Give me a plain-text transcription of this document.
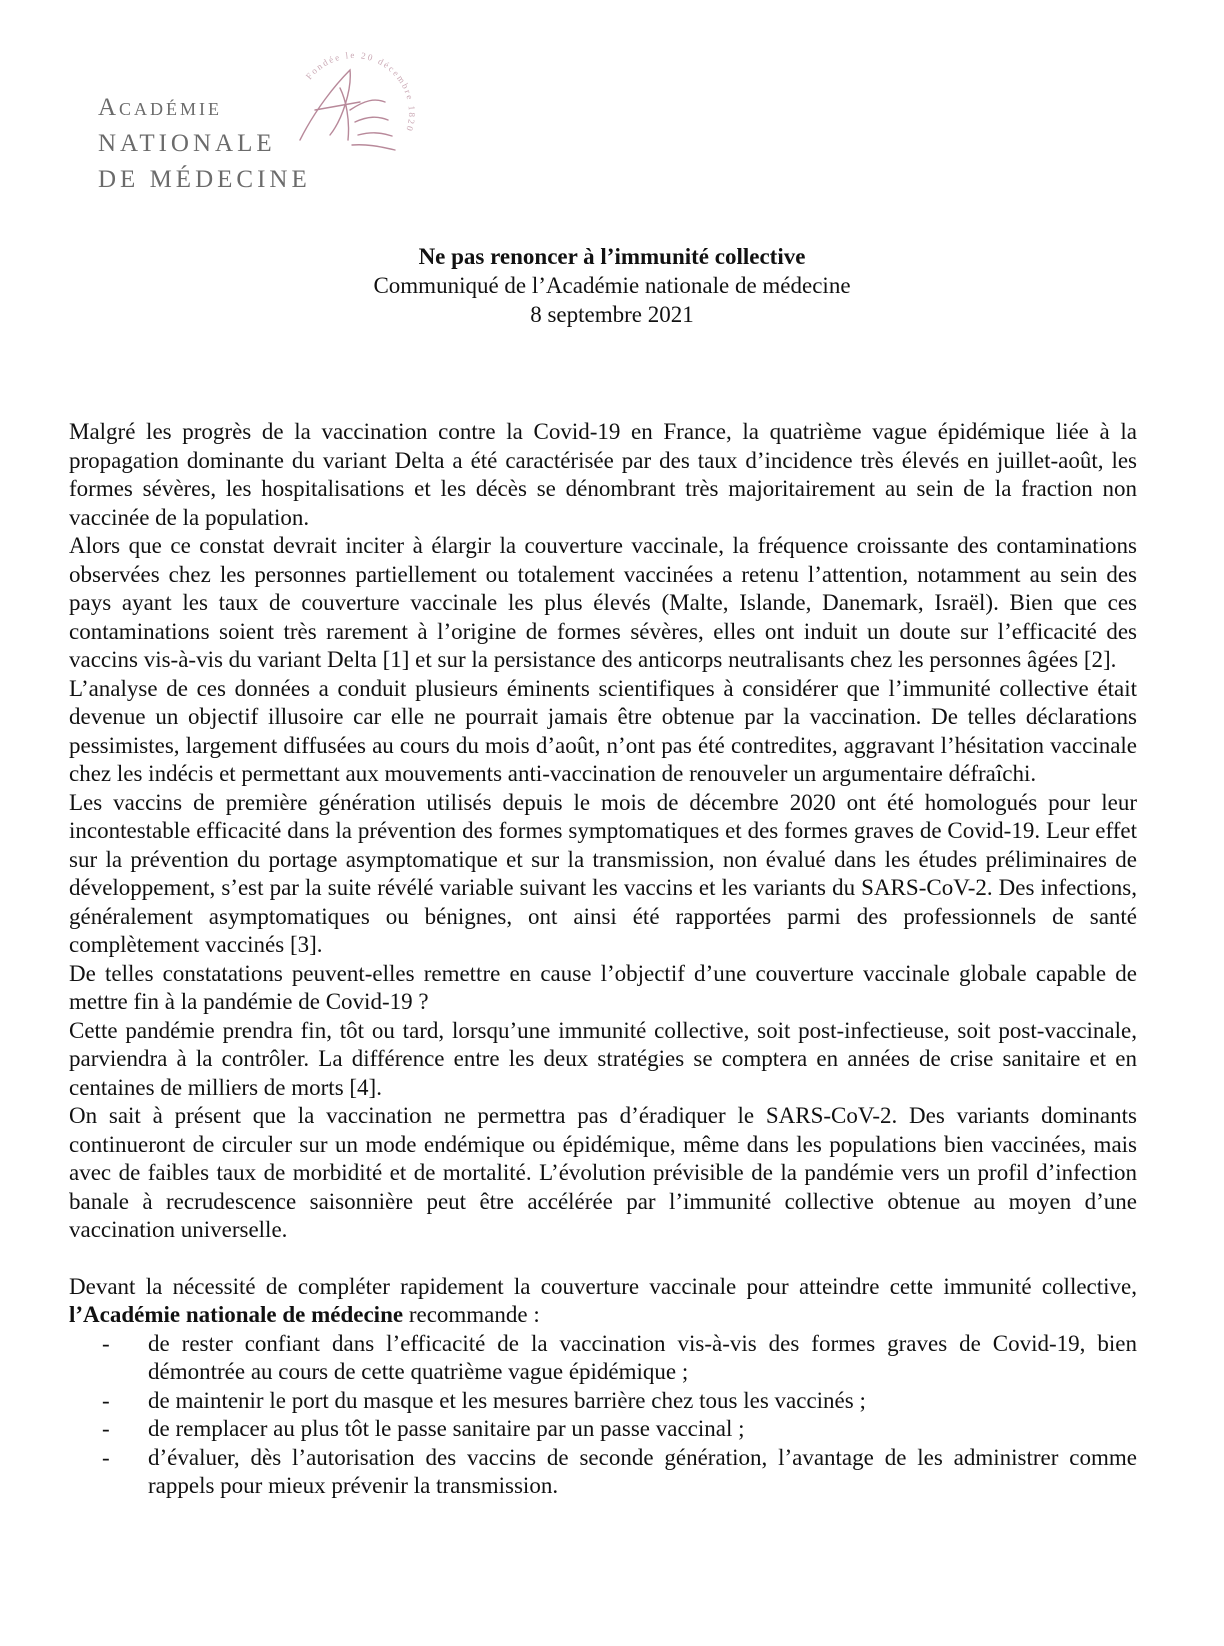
Académie
NATIONALE
DE MÉDECINE
Fondée le 20 décembre 1820
Ne pas renoncer à l’immunité collective
Communiqué de l’Académie nationale de médecine
8 septembre 2021

Malgré les progrès de la vaccination contre la Covid-19 en France, la quatrième vague épidémique liée à la propagation dominante du variant Delta a été caractérisée par des taux d’incidence très élevés en juillet-août, les formes sévères, les hospitalisations et les décès se dénombrant très majoritairement au sein de la fraction non vaccinée de la population.

Alors que ce constat devrait inciter à élargir la couverture vaccinale, la fréquence croissante des contaminations observées chez les personnes partiellement ou totalement vaccinées a retenu l’attention, notamment au sein des pays ayant les taux de couverture vaccinale les plus élevés (Malte, Islande, Danemark, Israël). Bien que ces contaminations soient très rarement à l’origine de formes sévères, elles ont induit un doute sur l’efficacité des vaccins vis-à-vis du variant Delta [1] et sur la persistance des anticorps neutralisants chez les personnes âgées [2].

L’analyse de ces données a conduit plusieurs éminents scientifiques à considérer que l’immunité collective était devenue un objectif illusoire car elle ne pourrait jamais être obtenue par la vaccination. De telles déclarations pessimistes, largement diffusées au cours du mois d’août, n’ont pas été contredites, aggravant l’hésitation vaccinale chez les indécis et permettant aux mouvements anti-vaccination de renouveler un argumentaire défraîchi.

Les vaccins de première génération utilisés depuis le mois de décembre 2020 ont été homologués pour leur incontestable efficacité dans la prévention des formes symptomatiques et des formes graves de Covid-19. Leur effet sur la prévention du portage asymptomatique et sur la transmission, non évalué dans les études préliminaires de développement, s’est par la suite révélé variable suivant les vaccins et les variants du SARS-CoV-2. Des infections, généralement asymptomatiques ou bénignes, ont ainsi été rapportées parmi des professionnels de santé complètement vaccinés [3].

De telles constatations peuvent-elles remettre en cause l’objectif d’une couverture vaccinale globale capable de mettre fin à la pandémie de Covid-19 ?

Cette pandémie prendra fin, tôt ou tard, lorsqu’une immunité collective, soit post-infectieuse, soit post-vaccinale, parviendra à la contrôler. La différence entre les deux stratégies se comptera en années de crise sanitaire et en centaines de milliers de morts [4].

On sait à présent que la vaccination ne permettra pas d’éradiquer le SARS-CoV-2. Des variants dominants continueront de circuler sur un mode endémique ou épidémique, même dans les populations bien vaccinées, mais avec de faibles taux de morbidité et de mortalité. L’évolution prévisible de la pandémie vers un profil d’infection banale à recrudescence saisonnière peut être accélérée par l’immunité collective obtenue au moyen d’une vaccination universelle.

Devant la nécessité de compléter rapidement la couverture vaccinale pour atteindre cette immunité collective, l’Académie nationale de médecine recommande :

- de rester confiant dans l’efficacité de la vaccination vis-à-vis des formes graves de Covid-19, bien démontrée au cours de cette quatrième vague épidémique ;
- de maintenir le port du masque et les mesures barrière chez tous les vaccinés ;
- de remplacer au plus tôt le passe sanitaire par un passe vaccinal ;
- d’évaluer, dès l’autorisation des vaccins de seconde génération, l’avantage de les administrer comme rappels pour mieux prévenir la transmission.
